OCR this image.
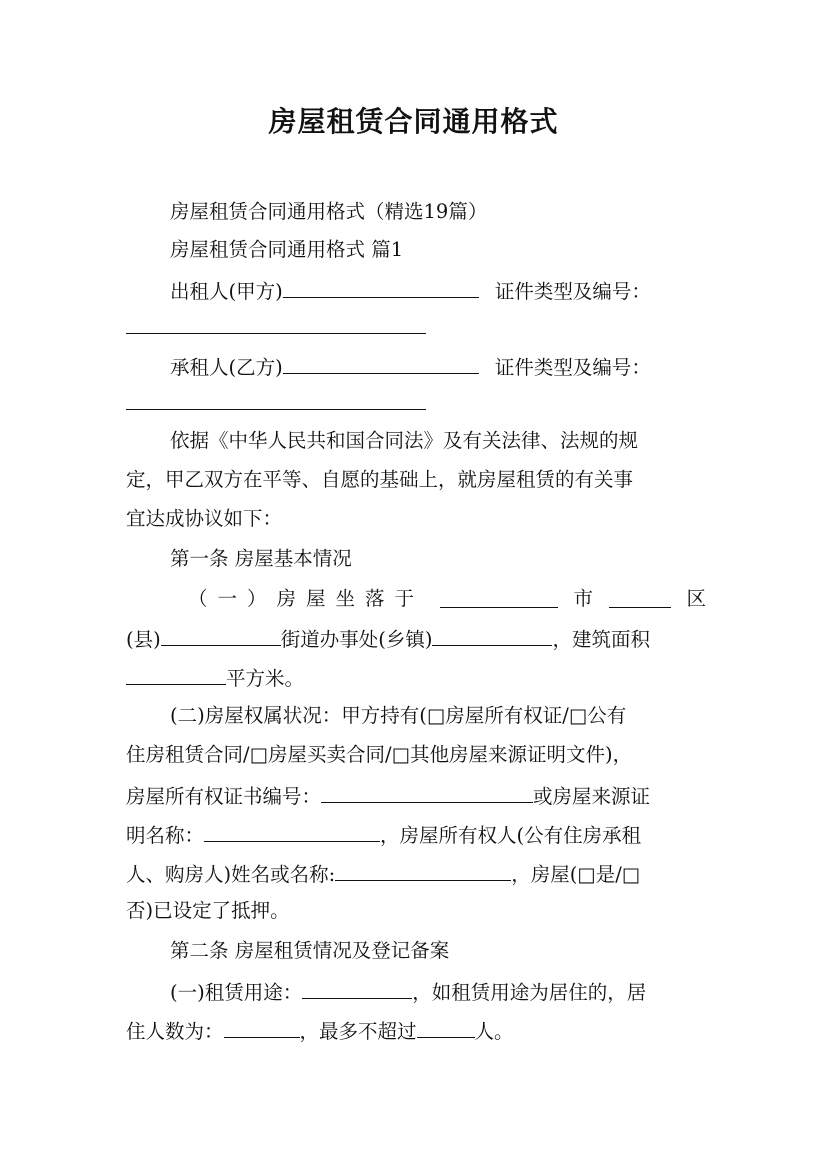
房屋租赁合同通用格式
房屋租赁合同通用格式（精选19篇）
房屋租赁合同通用格式 篇1
出租人(甲方)	证件类型及编号：
承租人(乙方)	证件类型及编号：
依据《中华人民共和国合同法》及有关法律、法规的规
定，甲乙双方在平等、自愿的基础上，就房屋租赁的有关事
宜达成协议如下：
第一条 房屋基本情况
（一）房屋坐落于	市	区
(县)	街道办事处(乡镇)	，建筑面积
平方米。
(二)房屋权属状况：甲方持有(□房屋所有权证/□公有
住房租赁合同/□房屋买卖合同/□其他房屋来源证明文件)，
房屋所有权证书编号：	或房屋来源证
明名称：	，房屋所有权人(公有住房承租
人、购房人)姓名或名称:	，房屋(□是/□
否)已设定了抵押。
第二条 房屋租赁情况及登记备案
(一)租赁用途：	，如租赁用途为居住的，居
住人数为：	，最多不超过	人。
